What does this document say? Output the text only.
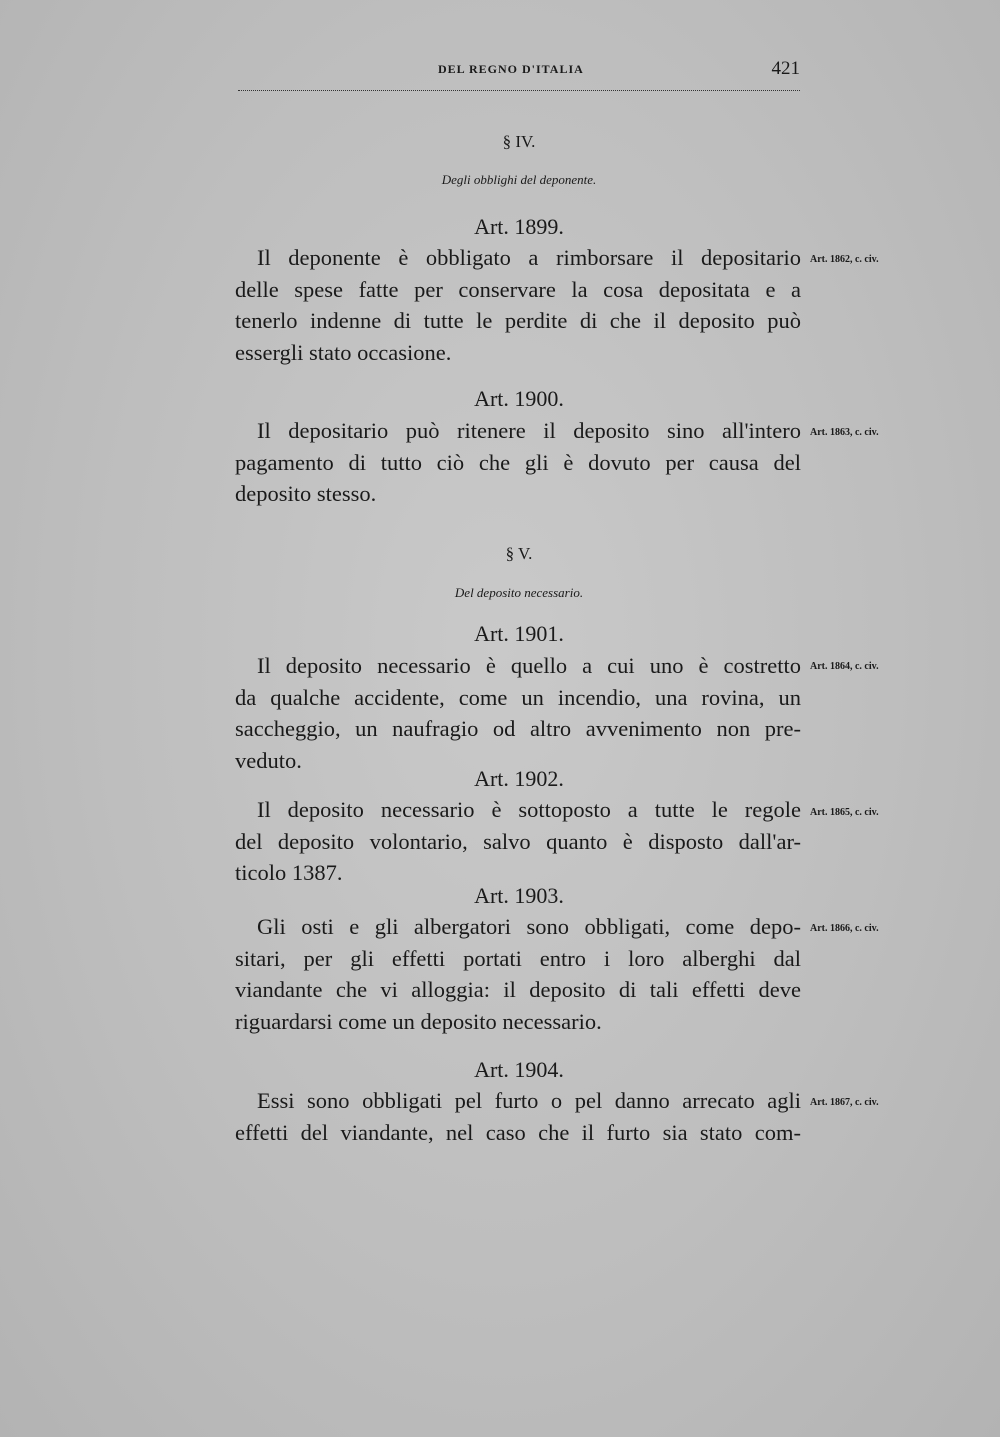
DEL REGNO D'ITALIA	421
§ IV.
Degli obblighi del deponente.
Art. 1899.
Il deponente è obbligato a rimborsare il depositario
delle spese fatte per conservare la cosa depositata e a
tenerlo indenne di tutte le perdite di che il deposito può
essergli stato occasione.
Art. 1862, c. civ.
Art. 1900.
Il depositario può ritenere il deposito sino all'intero
pagamento di tutto ciò che gli è dovuto per causa del
deposito stesso.
Art. 1863, c. civ.
§ V.
Del deposito necessario.
Art. 1901.
Il deposito necessario è quello a cui uno è costretto
da qualche accidente, come un incendio, una rovina, un
saccheggio, un naufragio od altro avvenimento non pre-
veduto.
Art. 1864, c. civ.
Art. 1902.
Il deposito necessario è sottoposto a tutte le regole
del deposito volontario, salvo quanto è disposto dall'ar-
ticolo 1387.
Art. 1865, c. civ.
Art. 1903.
Gli osti e gli albergatori sono obbligati, come depo-
sitari, per gli effetti portati entro i loro alberghi dal
viandante che vi alloggia: il deposito di tali effetti deve
riguardarsi come un deposito necessario.
Art. 1866, c. civ.
Art. 1904.
Essi sono obbligati pel furto o pel danno arrecato agli
effetti del viandante, nel caso che il furto sia stato com-
Art. 1867, c. civ.
